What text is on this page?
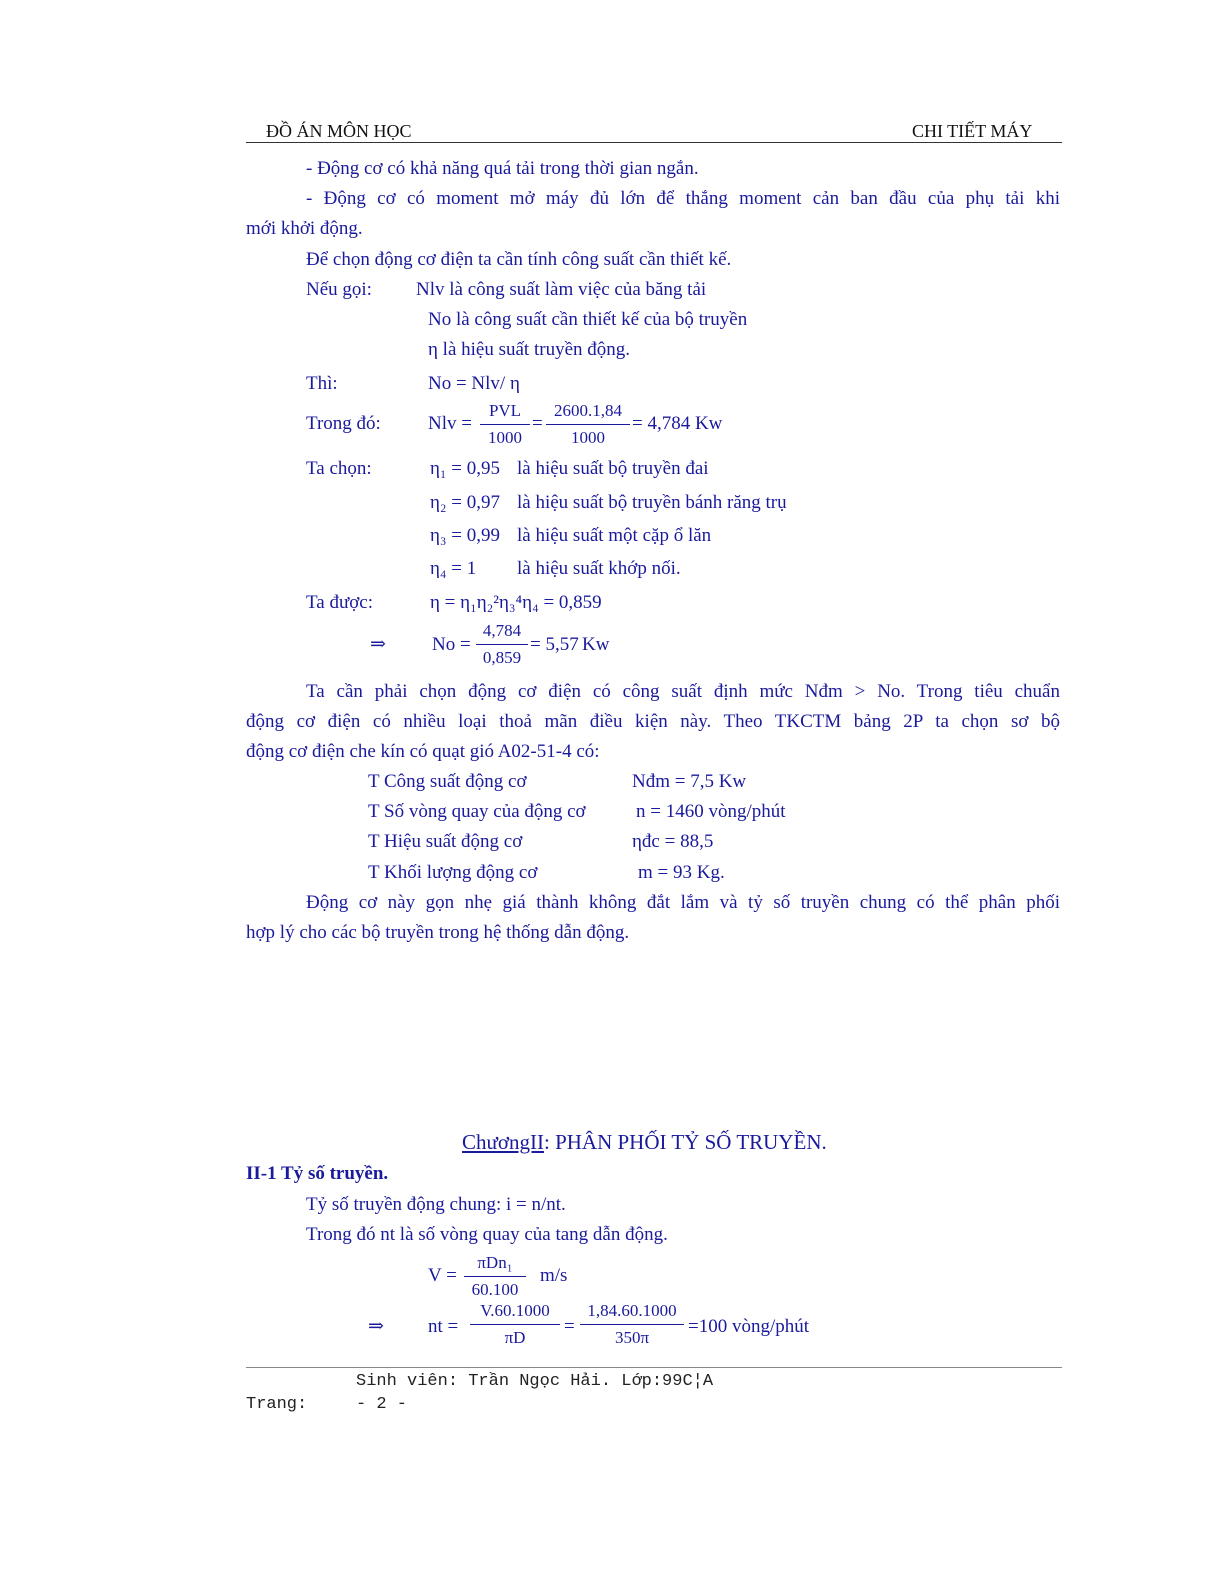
ĐỒ ÁN MÔN HỌC	CHI TIẾT MÁY
- Động cơ có khả năng quá tải trong thời gian ngắn.
- Động cơ có moment mở máy đủ lớn để thắng moment cản ban đầu của phụ tải khi
mới khởi động.
Để chọn động cơ điện ta cần tính công suất cần thiết kế.
Nếu gọi: Nlv là công suất làm việc của băng tải
No là công suất cần thiết kế của bộ truyền
η là hiệu suất truyền động.
Thì:	No = Nlv/ η
Trong đó: Nlv =
PVL
1000
=
2600.1,84
1000
= 4,784 Kw
Ta chọn:	η₁ = 0,95 là hiệu suất bộ truyền đai
η₂ = 0,97 là hiệu suất bộ truyền bánh răng trụ
η₃ = 0,99 là hiệu suất một cặp ổ lăn
η₄ = 1 là hiệu suất khớp nối.
Ta được:	η = η₁η₂²η₃⁴η₄ = 0,859
⇒ No =
4,784
0,859
= 5,57 Kw
Ta cần phải chọn động cơ điện có công suất định mức Nđm > No. Trong tiêu chuẩn
động cơ điện có nhiều loại thoả mãn điều kiện này. Theo TKCTM bảng 2P ta chọn sơ bộ
động cơ điện che kín có quạt gió A02-51-4 có:
T Công suất động cơ	Nđm = 7,5 Kw
T Số vòng quay của động cơ	n = 1460 vòng/phút
T Hiệu suất động cơ	ηđc = 88,5
T Khối lượng động cơ	m = 93 Kg.
Động cơ này gọn nhẹ giá thành không đắt lắm và tỷ số truyền chung có thể phân phối
hợp lý cho các bộ truyền trong hệ thống dẫn động.
ChươngII: PHÂN PHỐI TỶ SỐ TRUYỀN.
II-1 Tỷ số truyền.
Tỷ số truyền động chung: i = n/nt.
Trong đó nt là số vòng quay của tang dẫn động.
V =
πDn₁
60.100
m/s
⇒ nt =
V.60.1000
πD
=
1,84.60.1000
350π
=100 vòng/phút
Sinh viên: Trần Ngọc Hải. Lớp:99C¦A
Trang:	- 2 -
